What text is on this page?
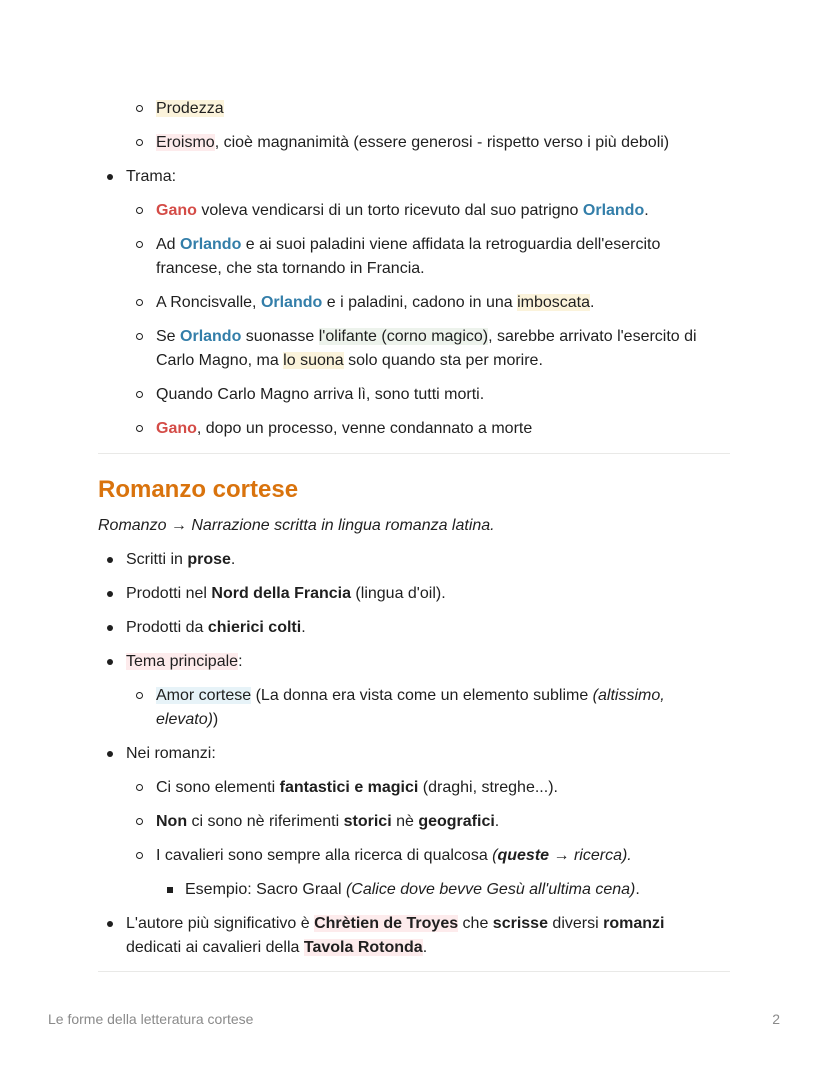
Prodezza
Eroismo, cioè magnanimità (essere generosi - rispetto verso i più deboli)
Trama:
Gano voleva vendicarsi di un torto ricevuto dal suo patrigno Orlando.
Ad Orlando e ai suoi paladini viene affidata la retroguardia dell'esercito
francese, che sta tornando in Francia.
A Roncisvalle, Orlando e i paladini, cadono in una imboscata.
Se Orlando suonasse l'olifante (corno magico), sarebbe arrivato l'esercito di
Carlo Magno, ma lo suona solo quando sta per morire.
Quando Carlo Magno arriva lì, sono tutti morti.
Gano, dopo un processo, venne condannato a morte
Romanzo cortese
Romanzo → Narrazione scritta in lingua romanza latina.
Scritti in prose.
Prodotti nel Nord della Francia (lingua d'oil).
Prodotti da chierici colti.
Tema principale:
Amor cortese (La donna era vista come un elemento sublime (altissimo,
elevato))
Nei romanzi:
Ci sono elementi fantastici e magici (draghi, streghe...).
Non ci sono nè riferimenti storici nè geografici.
I cavalieri sono sempre alla ricerca di qualcosa (queste → ricerca).
Esempio: Sacro Graal (Calice dove bevve Gesù all'ultima cena).
L'autore più significativo è Chrètien de Troyes che scrisse diversi romanzi
dedicati ai cavalieri della Tavola Rotonda.
Le forme della letteratura cortese	2
